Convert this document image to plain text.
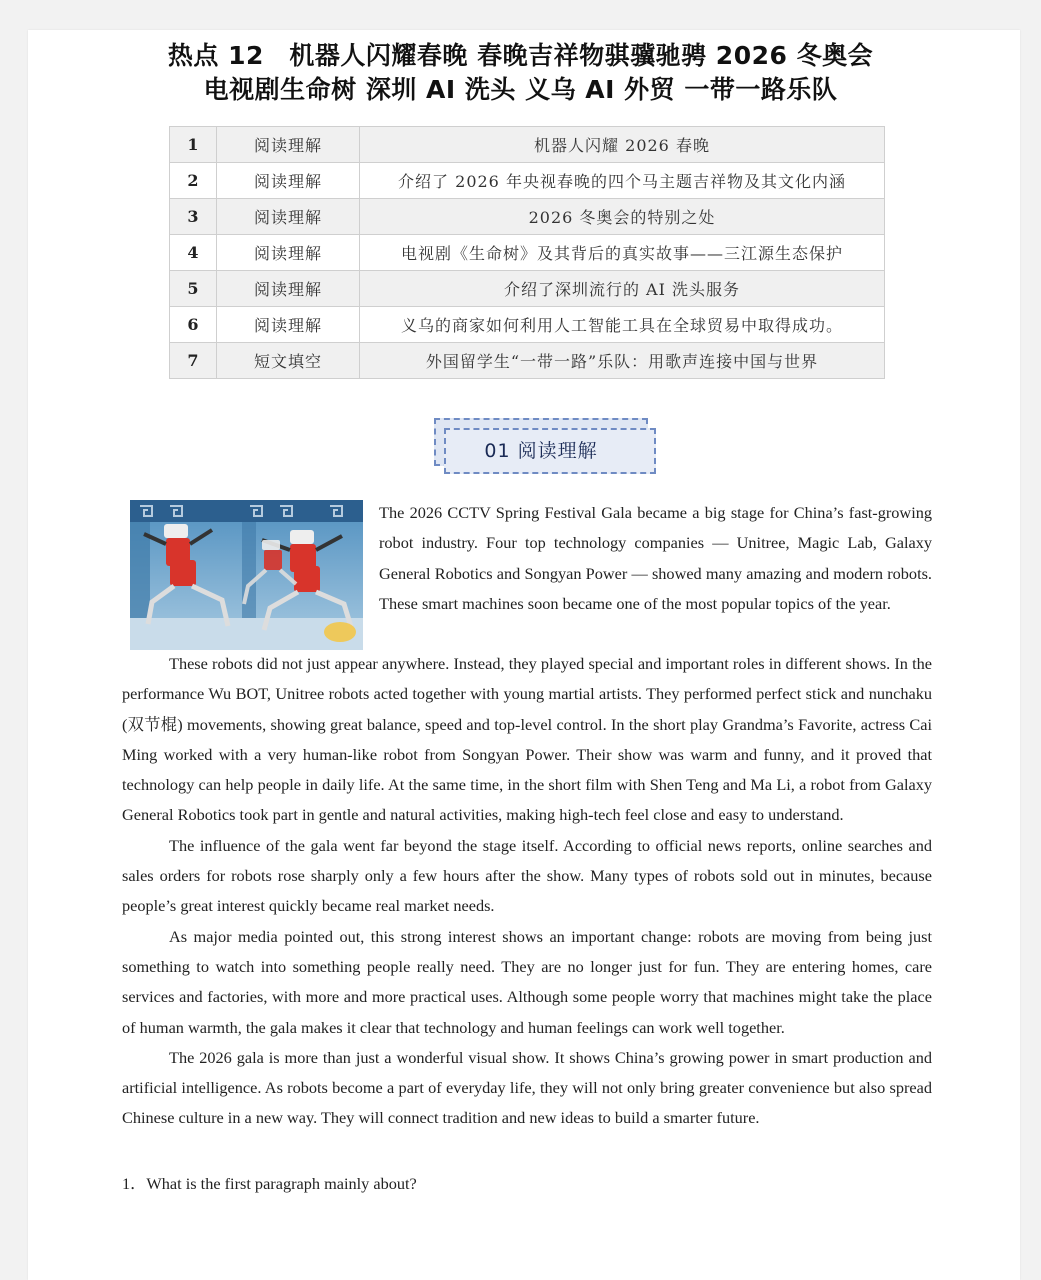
热点 12　机器人闪耀春晚 春晚吉祥物骐骥驰骋 2026 冬奥会
电视剧生命树 深圳 AI 洗头 义乌 AI 外贸 一带一路乐队
1	阅读理解	机器人闪耀 2026 春晚
2	阅读理解	介绍了 2026 年央视春晚的四个马主题吉祥物及其文化内涵
3	阅读理解	2026 冬奥会的特别之处
4	阅读理解	电视剧《生命树》及其背后的真实故事——三江源生态保护
5	阅读理解	介绍了深圳流行的 AI 洗头服务
6	阅读理解	义乌的商家如何利用人工智能工具在全球贸易中取得成功。
7	短文填空	外国留学生“一带一路”乐队：用歌声连接中国与世界
01 阅读理解
The 2026 CCTV Spring Festival Gala became a big stage for China’s fast-growing robot industry. Four top technology companies — Unitree, Magic Lab, Galaxy General Robotics and Songyan Power — showed many amazing and modern robots. These smart machines soon became one of the most popular topics of the year.

These robots did not just appear anywhere. Instead, they played special and important roles in different shows. In the performance Wu BOT, Unitree robots acted together with young martial artists. They performed perfect stick and nunchaku (双节棍) movements, showing great balance, speed and top-level control. In the short play Grandma’s Favorite, actress Cai Ming worked with a very human-like robot from Songyan Power. Their show was warm and funny, and it proved that technology can help people in daily life. At the same time, in the short film with Shen Teng and Ma Li, a robot from Galaxy General Robotics took part in gentle and natural activities, making high-tech feel close and easy to understand.

The influence of the gala went far beyond the stage itself. According to official news reports, online searches and sales orders for robots rose sharply only a few hours after the show. Many types of robots sold out in minutes, because people’s great interest quickly became real market needs.

As major media pointed out, this strong interest shows an important change: robots are moving from being just something to watch into something people really need. They are no longer just for fun. They are entering homes, care services and factories, with more and more practical uses. Although some people worry that machines might take the place of human warmth, the gala makes it clear that technology and human feelings can work well together.

The 2026 gala is more than just a wonderful visual show. It shows China’s growing power in smart production and artificial intelligence. As robots become a part of everyday life, they will not only bring greater convenience but also spread Chinese culture in a new way. They will connect tradition and new ideas to build a smarter future.

1．What is the first paragraph mainly about?
